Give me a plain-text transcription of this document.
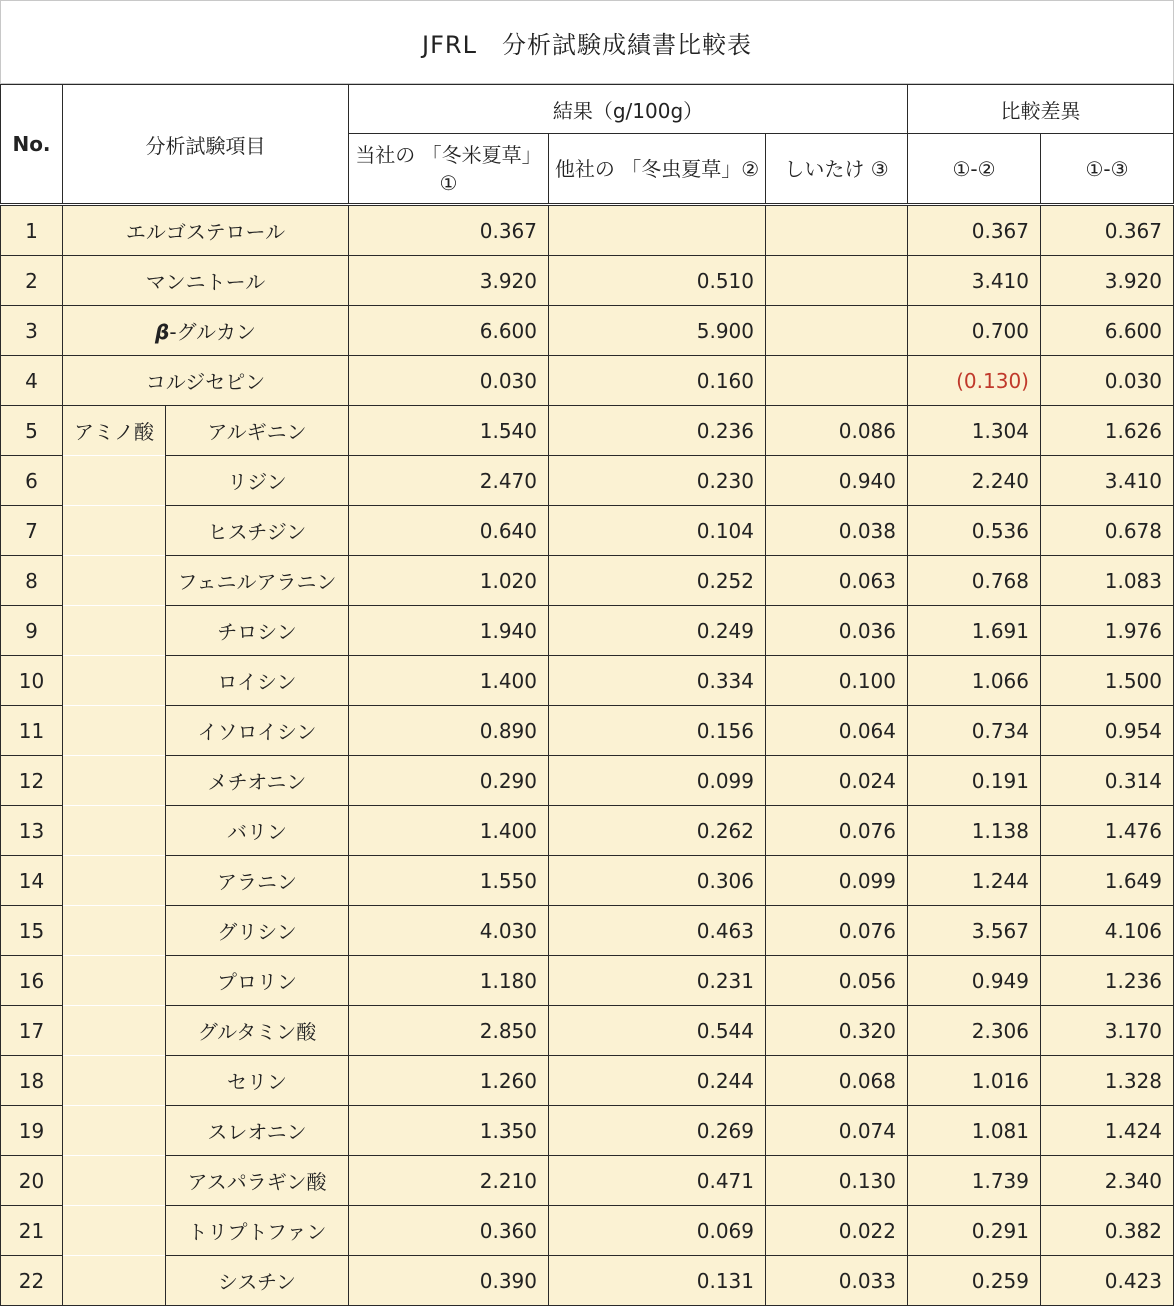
JFRL　分析試験成績書比較表
No.	分析試験項目		結果（g/100g）			比較差異	
			当社の 「冬米夏草」①	他社の 「冬虫夏草」②	しいたけ ③	①-②	①-③
1	エルゴステロール		0.367			0.367	0.367
2	マンニトール		3.920	0.510		3.410	3.920
3	β-グルカン		6.600	5.900		0.700	6.600
4	コルジセピン		0.030	0.160		(0.130)	0.030
5	アミノ酸	アルギニン	1.540	0.236	0.086	1.304	1.626
6		リジン	2.470	0.230	0.940	2.240	3.410
7		ヒスチジン	0.640	0.104	0.038	0.536	0.678
8		フェニルアラニン	1.020	0.252	0.063	0.768	1.083
9		チロシン	1.940	0.249	0.036	1.691	1.976
10		ロイシン	1.400	0.334	0.100	1.066	1.500
11		イソロイシン	0.890	0.156	0.064	0.734	0.954
12		メチオニン	0.290	0.099	0.024	0.191	0.314
13		バリン	1.400	0.262	0.076	1.138	1.476
14		アラニン	1.550	0.306	0.099	1.244	1.649
15		グリシン	4.030	0.463	0.076	3.567	4.106
16		プロリン	1.180	0.231	0.056	0.949	1.236
17		グルタミン酸	2.850	0.544	0.320	2.306	3.170
18		セリン	1.260	0.244	0.068	1.016	1.328
19		スレオニン	1.350	0.269	0.074	1.081	1.424
20		アスパラギン酸	2.210	0.471	0.130	1.739	2.340
21		トリプトファン	0.360	0.069	0.022	0.291	0.382
22		シスチン	0.390	0.131	0.033	0.259	0.423
